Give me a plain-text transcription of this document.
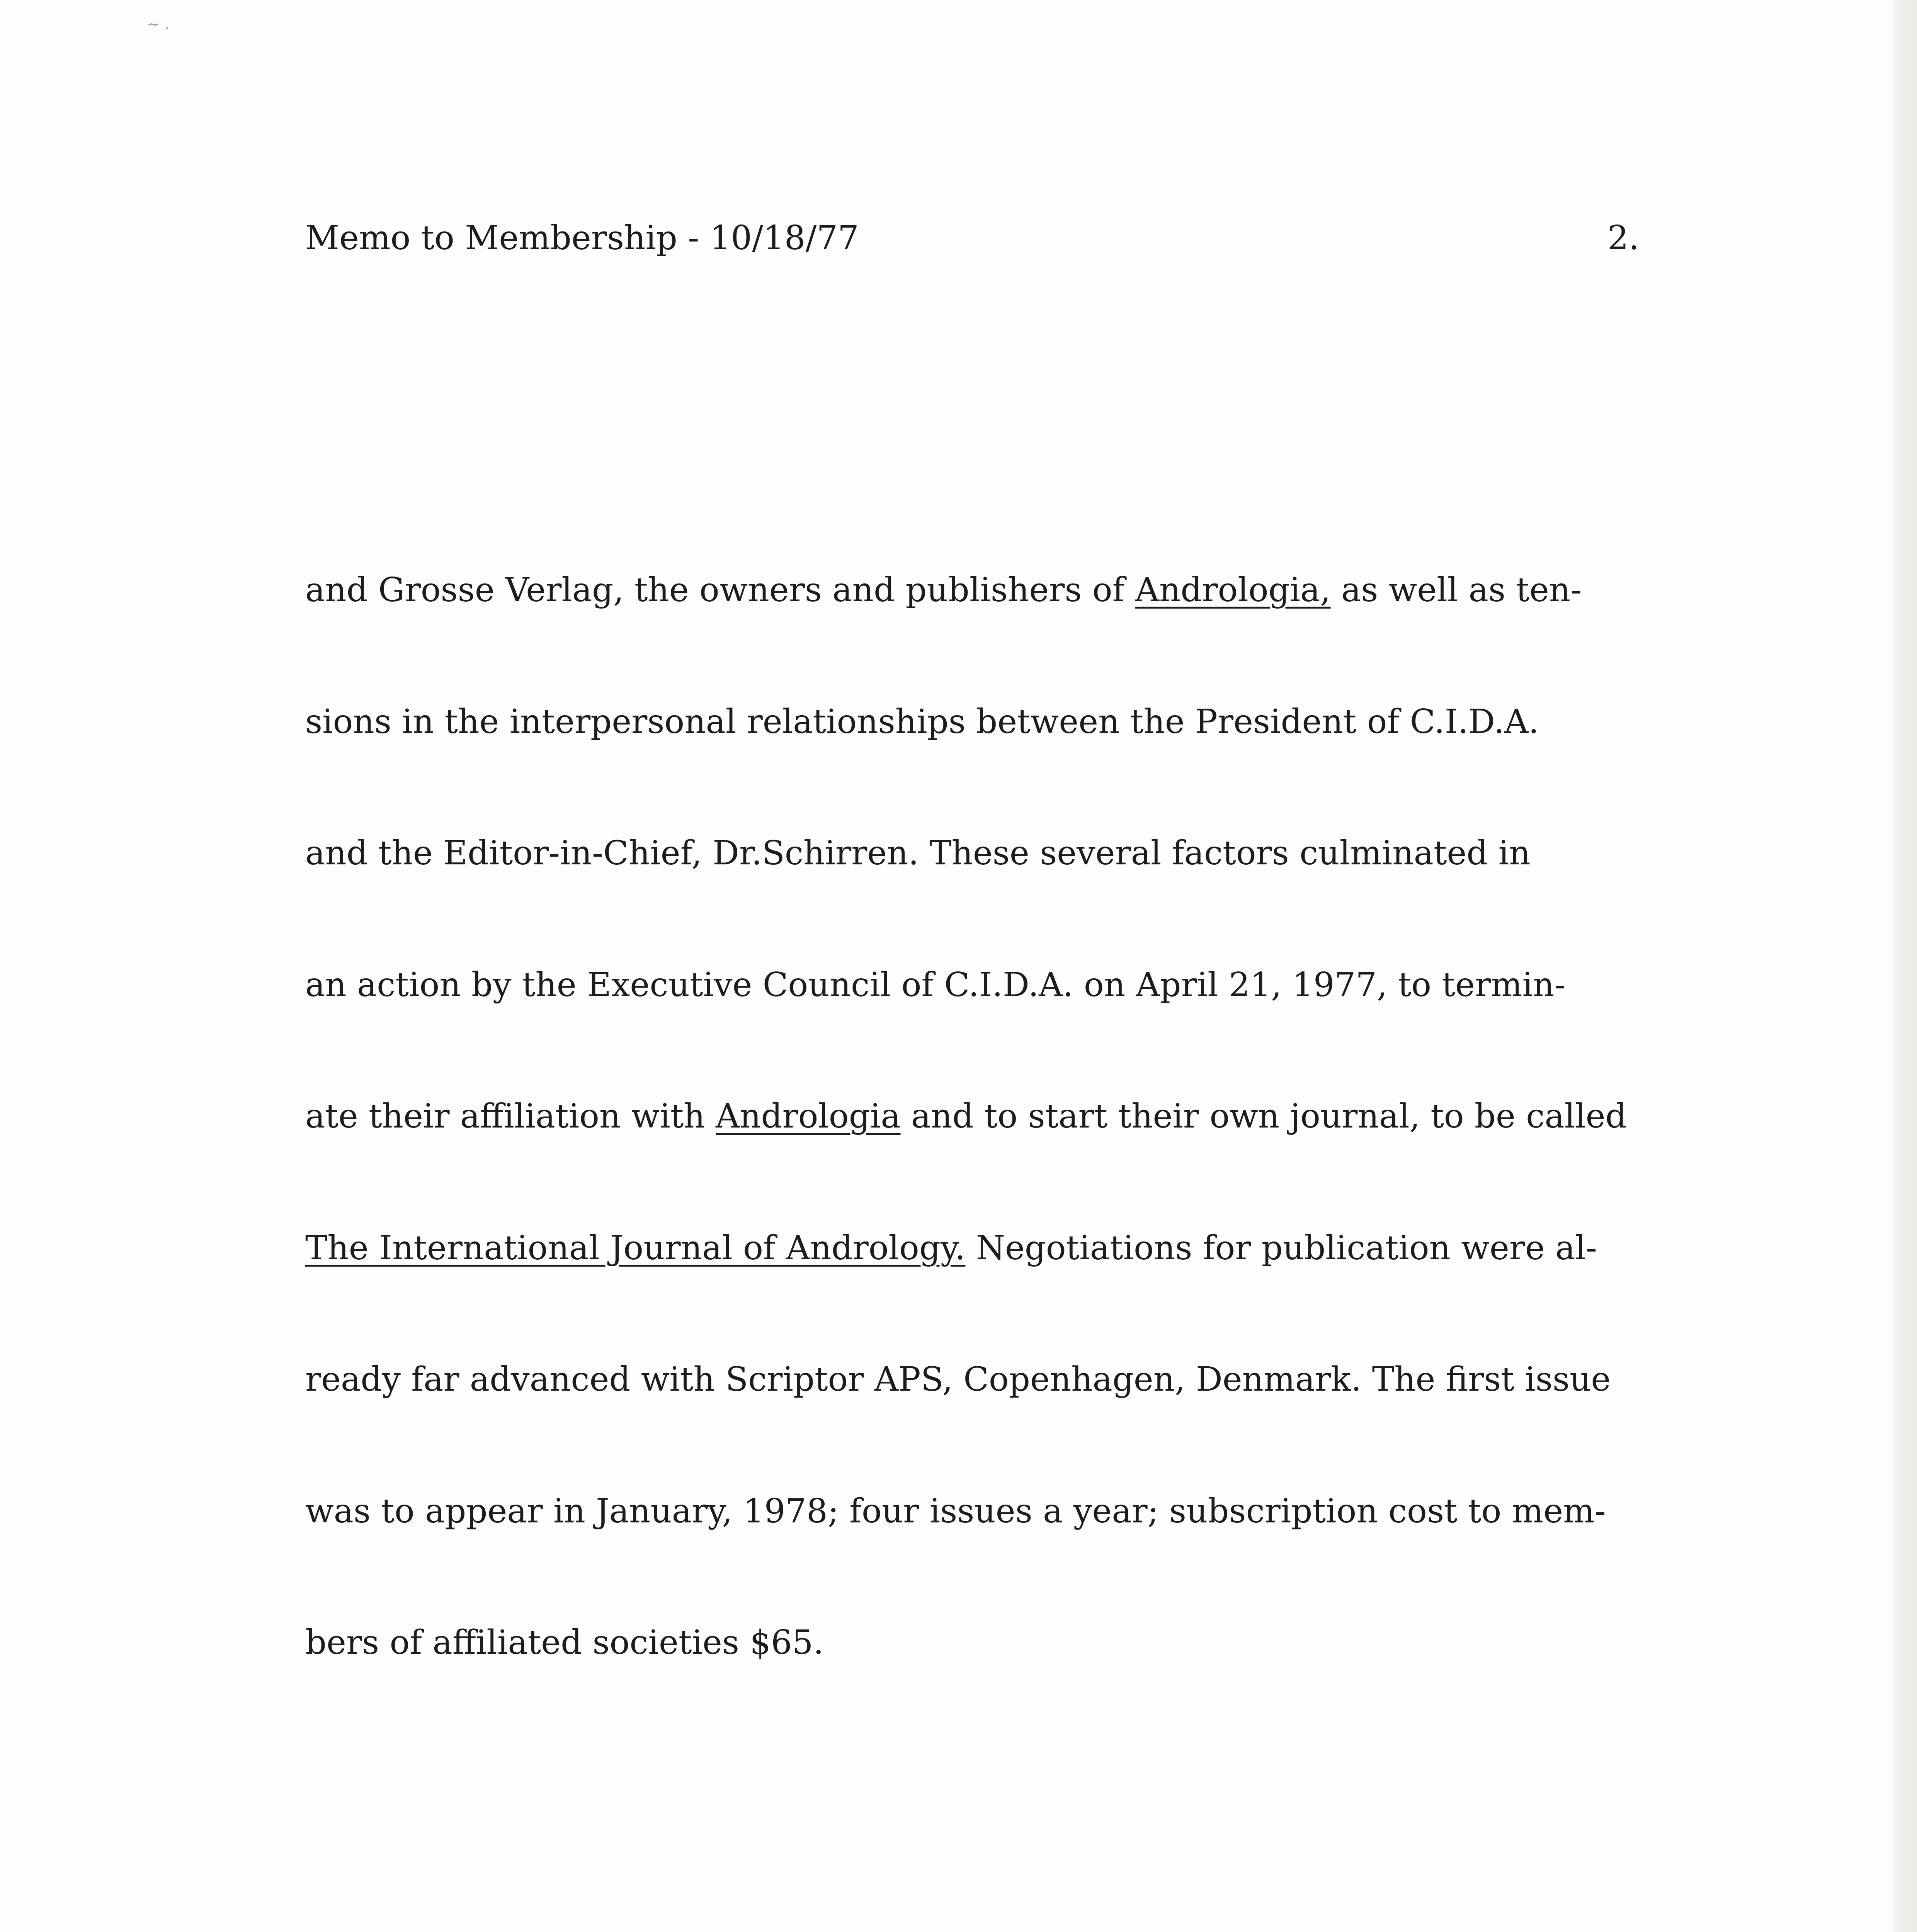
~ .
Memo to Membership - 10/18/77	2.

and Grosse Verlag, the owners and publishers of Andrologia, as well as ten-

sions in the interpersonal relationships between the President of C.I.D.A.

and the Editor-in-Chief, Dr.Schirren. These several factors culminated in

an action by the Executive Council of C.I.D.A. on April 21, 1977, to termin-

ate their affiliation with Andrologia and to start their own journal, to be called

The International Journal of Andrology. Negotiations for publication were al-

ready far advanced with Scriptor APS, Copenhagen, Denmark. The first issue

was to appear in January, 1978; four issues a year; subscription cost to mem-

bers of affiliated societies $65.
